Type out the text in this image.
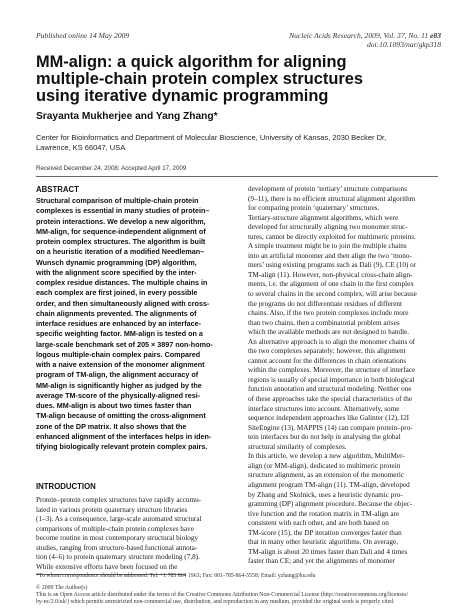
Published online 14 May 2009	Nucleic Acids Research, 2009, Vol. 37, No. 11 e83
doi:10.1093/nar/gkp318
MM-align: a quick algorithm for aligning
multiple-chain protein complex structures
using iterative dynamic programming
Srayanta Mukherjee and Yang Zhang*
Center for Bioinformatics and Department of Molecular Bioscience, University of Kansas, 2030 Becker Dr,
Lawrence, KS 66047, USA
Received December 24, 2008; Accepted April 17, 2009
ABSTRACT
Structural comparison of multiple-chain protein
complexes is essential in many studies of protein–
protein interactions. We develop a new algorithm,
MM-align, for sequence-independent alignment of
protein complex structures. The algorithm is built
on a heuristic iteration of a modified Needleman–
Wunsch dynamic programming (DP) algorithm,
with the alignment score specified by the inter-
complex residue distances. The multiple chains in
each complex are first joined, in every possible
order, and then simultaneously aligned with cross-
chain alignments prevented. The alignments of
interface residues are enhanced by an interface-
specific weighting factor. MM-align is tested on a
large-scale benchmark set of 205 × 3897 non-homo-
logous multiple-chain complex pairs. Compared
with a naive extension of the monomer alignment
program of TM-align, the alignment accuracy of
MM-align is significantly higher as judged by the
average TM-score of the physically-aligned resi-
dues. MM-align is about two times faster than
TM-align because of omitting the cross-alignment
zone of the DP matrix. It also shows that the
enhanced alignment of the interfaces helps in iden-
tifying biologically relevant protein complex pairs.
INTRODUCTION
Protein–protein complex structures have rapidly accumu-
lated in various protein quaternary structure libraries
(1–3). As a consequence, large-scale automated structural
comparisons of multiple-chain protein complexes have
become routine in most contemporary structural biology
studies, ranging from structure-based functional annota-
tion (4–6) to protein quaternary structure modeling (7,8).
While extensive efforts have been focused on the
development of protein ‘tertiary’ structure comparisons
(9–11), there is no efficient structural alignment algorithm
for comparing protein ‘quaternary’ structures.
Tertiary-structure alignment algorithms, which were
developed for structurally aligning two monomer struc-
tures, cannot be directly exploited for multimeric proteins.
A simple treatment might be to join the multiple chains
into an artificial monomer and then align the two ‘mono-
mers’ using existing programs such as Dali (9), CE (10) or
TM-align (11). However, non-physical cross-chain align-
ments, i.e. the alignment of one chain in the first complex
to several chains in the second complex, will arise because
the programs do not differentiate residues of different
chains. Also, if the two protein complexes include more
than two chains, then a combinatorial problem arises
which the available methods are not designed to handle.
An alternative approach is to align the monomer chains of
the two complexes separately; however, this alignment
cannot account for the differences in chain orientations
within the complexes. Moreover, the structure of interface
regions is usually of special importance in both biological
function annotation and structural modeling. Neither one
of these approaches take the special characteristics of the
interface structures into account. Alternatively, some
sequence independent approaches like Galinter (12), I2I
SiteEngine (13), MAPPIS (14) can compare protein–pro-
tein interfaces but do not help in analysing the global
structural similarity of complexes.
In this article, we develop a new algorithm, MultiMer-
align (or MM-align), dedicated to multimeric protein
structure alignment, as an extension of the monomeric
alignment program TM-align (11). TM-align, developed
by Zhang and Skolnick, uses a heuristic dynamic pro-
gramming (DP) alignment procedure. Because the objec-
tive function and the rotation matrix in TM-align are
consistent with each other, and are both based on
TM-score (15), the DP iteration converges faster than
that in many other heuristic algorithms. On average,
TM-align is about 20 times faster than Dali and 4 times
faster than CE; and yet the alignments of monomer
*To whom correspondence should be addressed. Tel: +1 785 864 1963; Fax: 001-785-864-5558; Email: yzhang@ku.edu
© 2009 The Author(s)
This is an Open Access article distributed under the terms of the Creative Commons Attribution Non-Commercial License (http://creativecommons.org/licenses/
by-nc/2.0/uk/) which permits unrestricted non-commercial use, distribution, and reproduction in any medium, provided the original work is properly cited.
